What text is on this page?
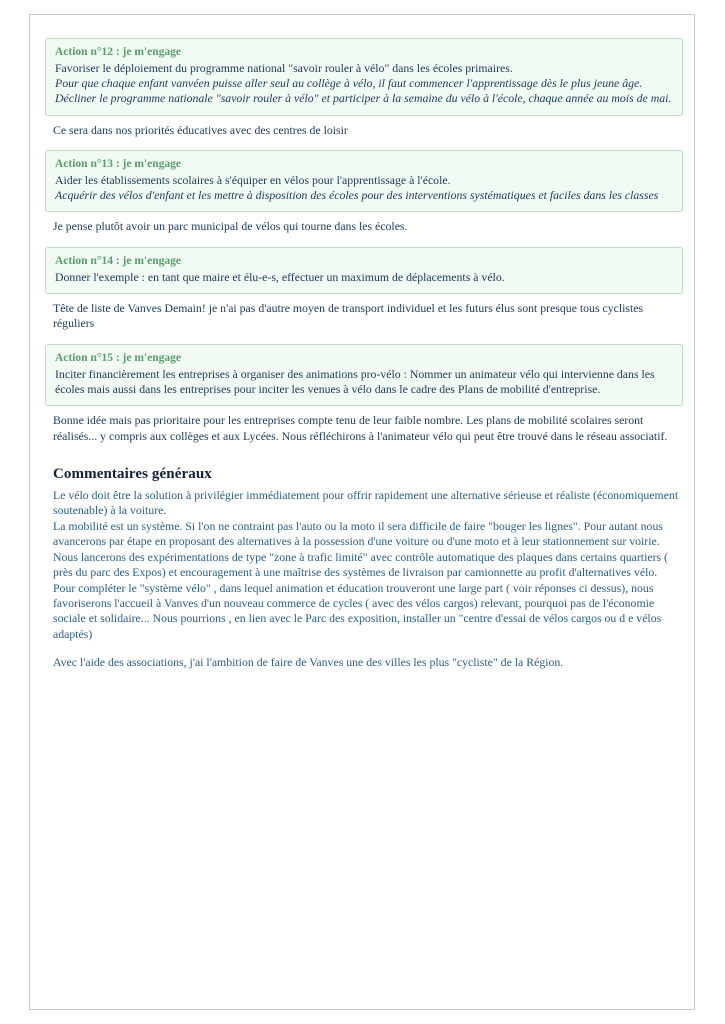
Action n°12 : je m'engage
Favoriser le déploiement du programme national "savoir rouler à vélo" dans les écoles primaires.
Pour que chaque enfant vanvéen puisse aller seul au collège à vélo, il faut commencer l'apprentissage dès le plus jeune âge.
Décliner le programme nationale "savoir rouler à vélo" et participer à la semaine du vélo à l'école, chaque année au mois de mai.
Ce sera dans nos priorités éducatives avec des centres de loisir
Action n°13 : je m'engage
Aider les établissements scolaires à s'équiper en vélos pour l'apprentissage à l'école.
Acquérir des vélos d'enfant et les mettre à disposition des écoles pour des interventions systématiques et faciles dans les classes
Je pense plutôt avoir un parc municipal de vélos qui tourne dans les écoles.
Action n°14 : je m'engage
Donner l'exemple : en tant que maire et élu-e-s, effectuer un maximum de déplacements à vélo.
Tête de liste de Vanves Demain! je n'ai pas d'autre moyen de transport individuel et les futurs élus sont presque tous cyclistes réguliers
Action n°15 : je m'engage
Inciter financièrement les entreprises à organiser des animations pro-vélo : Nommer un animateur vélo qui intervienne dans les écoles mais aussi dans les entreprises pour inciter les venues à vélo dans le cadre des Plans de mobilité d'entreprise.
Bonne idée mais pas prioritaire pour les entreprises compte tenu de leur faible nombre. Les plans de mobilité scolaires seront réalisés... y compris aux collèges et aux Lycées. Nous réfléchirons à l'animateur vélo qui peut être trouvé dans le réseau associatif.
Commentaires généraux

Le vélo doit être la solution à privilégier immédiatement pour offrir rapidement une alternative sérieuse et réaliste (économiquement soutenable) à la voiture.

La mobilité est un système. Si l'on ne contraint pas l'auto ou la moto il sera difficile de faire "bouger les lignes". Pour autant nous avancerons par étape en proposant des alternatives à la possession d'une voiture ou d'une moto et à leur stationnement sur voirie. Nous lancerons des expérimentations de type "zone à trafic limité" avec contrôle automatique des plaques dans certains quartiers ( près du parc des Expos) et encouragement à une maîtrise des systèmes de livraison par camionnette au profit d'alternatives vélo.

Pour compléter le "système vélo" , dans lequel animation et éducation trouveront une large part ( voir réponses ci dessus), nous favoriserons l'accueil à Vanves d'un nouveau commerce de cycles ( avec des vélos cargos) relevant, pourquoi pas de l'économie sociale et solidaire... Nous pourrions , en lien avec le Parc des exposition, installer un "centre d'essai de vélos cargos ou d e vélos adaptés)

Avec l'aide des associations, j'ai l'ambition de faire de Vanves une des villes les plus "cycliste" de la Région.
